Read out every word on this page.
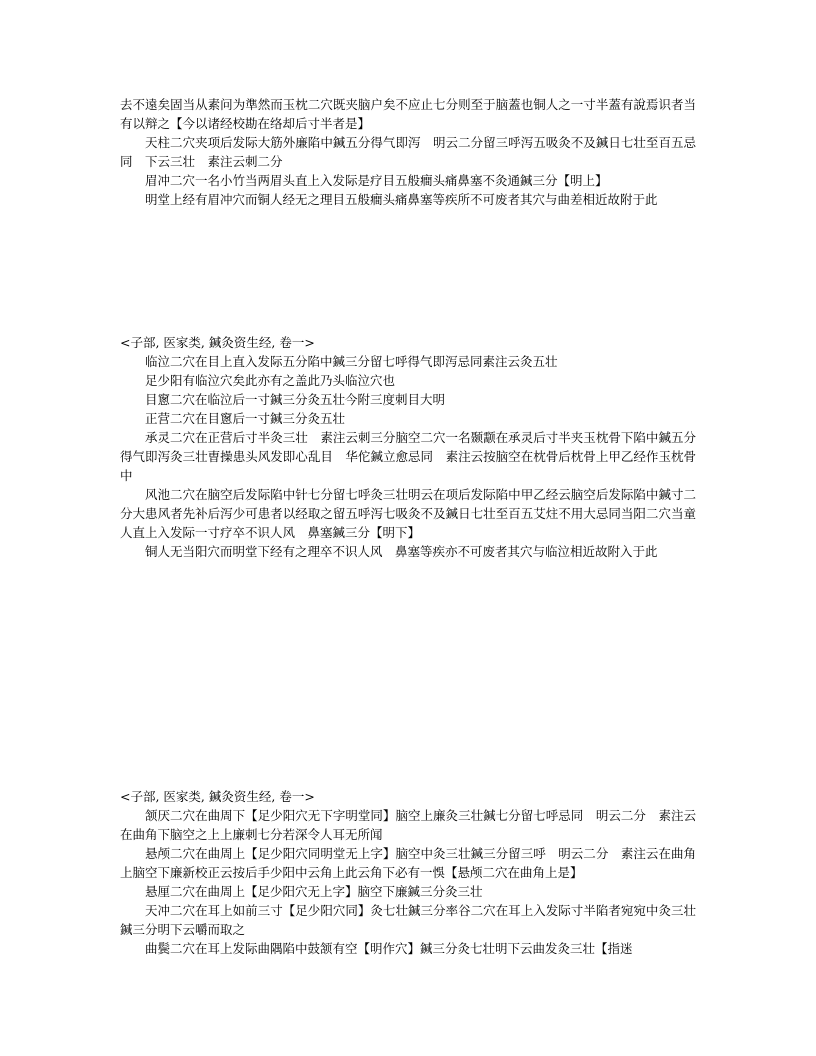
去不遠矣固当从素问为準然而玉枕二穴既夹脑户矣不应止七分则至于脑蓋也铜人之一寸半蓋有說焉识者当有以辩之【今以诸经校勘在络却后寸半者是】

天柱二穴夹项后发际大筋外廉陷中鍼五分得气即泻　明云二分留三呼泻五吸灸不及鍼日七壮至百五忌同　下云三壮　素注云刺二分

眉冲二穴一名小竹当两眉头直上入发际是疗目五般癎头痛鼻塞不灸通鍼三分【明上】

明堂上经有眉冲穴而铜人经无之理目五般癎头痛鼻塞等疾所不可废者其穴与曲差相近故附于此

<子部, 医家类, 鍼灸资生经, 卷一>

临泣二穴在目上直入发际五分陷中鍼三分留七呼得气即泻忌同素注云灸五壮

足少阳有临泣穴矣此亦有之盖此乃头临泣穴也

目窻二穴在临泣后一寸鍼三分灸五壮今附三度刺目大明

正营二穴在目窻后一寸鍼三分灸五壮

承灵二穴在正营后寸半灸三壮　素注云刺三分脑空二穴一名颞颥在承灵后寸半夹玉枕骨下陷中鍼五分得气即泻灸三壮曺操患头风发即心乱目　华佗鍼立愈忌同　素注云按脑空在枕骨后枕骨上甲乙经作玉枕骨中

风池二穴在脑空后发际陷中针七分留七呼灸三壮明云在项后发际陷中甲乙经云脑空后发际陷中鍼寸二分大患风者先补后泻少可患者以经取之留五呼泻七吸灸不及鍼日七壮至百五艾炷不用大忌同当阳二穴当童人直上入发际一寸疗卒不识人风　鼻塞鍼三分【明下】

铜人无当阳穴而明堂下经有之理卒不识人风　鼻塞等疾亦不可废者其穴与临泣相近故附入于此

<子部, 医家类, 鍼灸资生经, 卷一>

颔厌二穴在曲周下【足少阳穴无下字明堂同】脑空上廉灸三壮鍼七分留七呼忌同　明云二分　素注云在曲角下脑空之上上廉刺七分若深令人耳无所闻

悬颅二穴在曲周上【足少阳穴同明堂无上字】脑空中灸三壮鍼三分留三呼　明云二分　素注云在曲角上脑空下廉新校正云按后手少阳中云角上此云角下必有一悞【悬颅二穴在曲角上是】

悬厘二穴在曲周上【足少阳穴无上字】脑空下廉鍼三分灸三壮

天冲二穴在耳上如前三寸【足少阳穴同】灸七壮鍼三分率谷二穴在耳上入发际寸半陷者宛宛中灸三壮鍼三分明下云嚼而取之

曲鬓二穴在耳上发际曲隅陷中鼓颔有空【明作穴】鍼三分灸七壮明下云曲发灸三壮【指迷
